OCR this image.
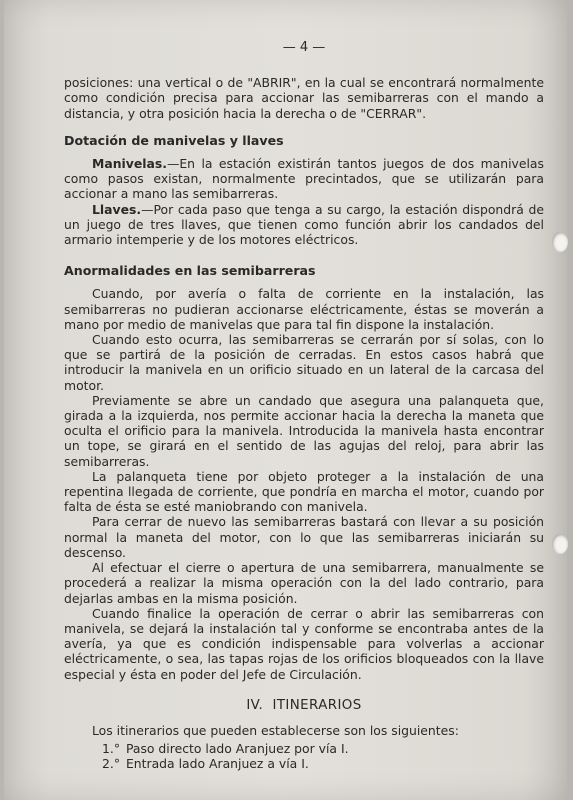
— 4 —

posiciones: una vertical o de "ABRIR", en la cual se encontrará normalmente como condición precisa para accionar las semibarreras con el mando a distancia, y otra posición hacia la derecha o de "CERRAR".

Dotación de manivelas y llaves

Manivelas.—En la estación existirán tantos juegos de dos manivelas como pasos existan, normalmente precintados, que se utilizarán para accionar a mano las semibarreras.

Llaves.—Por cada paso que tenga a su cargo, la estación dispondrá de un juego de tres llaves, que tienen como función abrir los candados del armario intemperie y de los motores eléctricos.

Anormalidades en las semibarreras

Cuando, por avería o falta de corriente en la instalación, las semibarreras no pudieran accionarse eléctricamente, éstas se moverán a mano por medio de manivelas que para tal fin dispone la instalación.

Cuando esto ocurra, las semibarreras se cerrarán por sí solas, con lo que se partirá de la posición de cerradas. En estos casos habrá que introducir la manivela en un orificio situado en un lateral de la carcasa del motor.

Previamente se abre un candado que asegura una palanqueta que, girada a la izquierda, nos permite accionar hacia la derecha la maneta que oculta el orificio para la manivela. Introducida la manivela hasta encontrar un tope, se girará en el sentido de las agujas del reloj, para abrir las semibarreras.

La palanqueta tiene por objeto proteger a la instalación de una repentina llegada de corriente, que pondría en marcha el motor, cuando por falta de ésta se esté maniobrando con manivela.

Para cerrar de nuevo las semibarreras bastará con llevar a su posición normal la maneta del motor, con lo que las semibarreras iniciarán su descenso.

Al efectuar el cierre o apertura de una semibarrera, manualmente se procederá a realizar la misma operación con la del lado contrario, para dejarlas ambas en la misma posición.

Cuando finalice la operación de cerrar o abrir las semibarreras con manivela, se dejará la instalación tal y conforme se encontraba antes de la avería, ya que es condición indispensable para volverlas a accionar eléctricamente, o sea, las tapas rojas de los orificios bloqueados con la llave especial y ésta en poder del Jefe de Circulación.

IV.  ITINERARIOS

Los itinerarios que pueden establecerse son los siguientes:

1.° Paso directo lado Aranjuez por vía I.
2.° Entrada lado Aranjuez a vía I.
